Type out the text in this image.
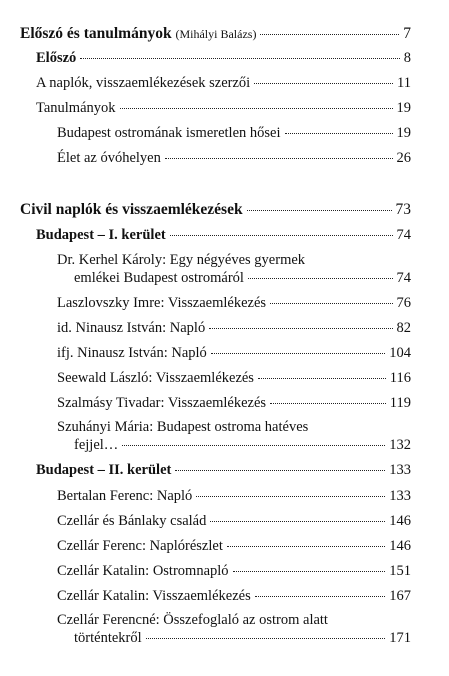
Előszó és tanulmányok (Mihályi Balázs)	7
Előszó	8
A naplók, visszaemlékezések szerzői	11
Tanulmányok	19
Budapest ostromának ismeretlen hősei	19
Élet az óvóhelyen	26
Civil naplók és visszaemlékezések	73
Budapest – I. kerület	74
Dr. Kerhel Károly: Egy négyéves gyermek
emlékei Budapest ostromáról	74
Laszlovszky Imre: Visszaemlékezés	76
id. Ninausz István: Napló	82
ifj. Ninausz István: Napló	104
Seewald László: Visszaemlékezés	116
Szalmásy Tivadar: Visszaemlékezés	119
Szuhányi Mária: Budapest ostroma hatéves
fejjel…	132
Budapest – II. kerület	133
Bertalan Ferenc: Napló	133
Czellár és Bánlaky család	146
Czellár Ferenc: Naplórészlet	146
Czellár Katalin: Ostromnapló	151
Czellár Katalin: Visszaemlékezés	167
Czellár Ferencné: Összefoglaló az ostrom alatt
történtekről	171
